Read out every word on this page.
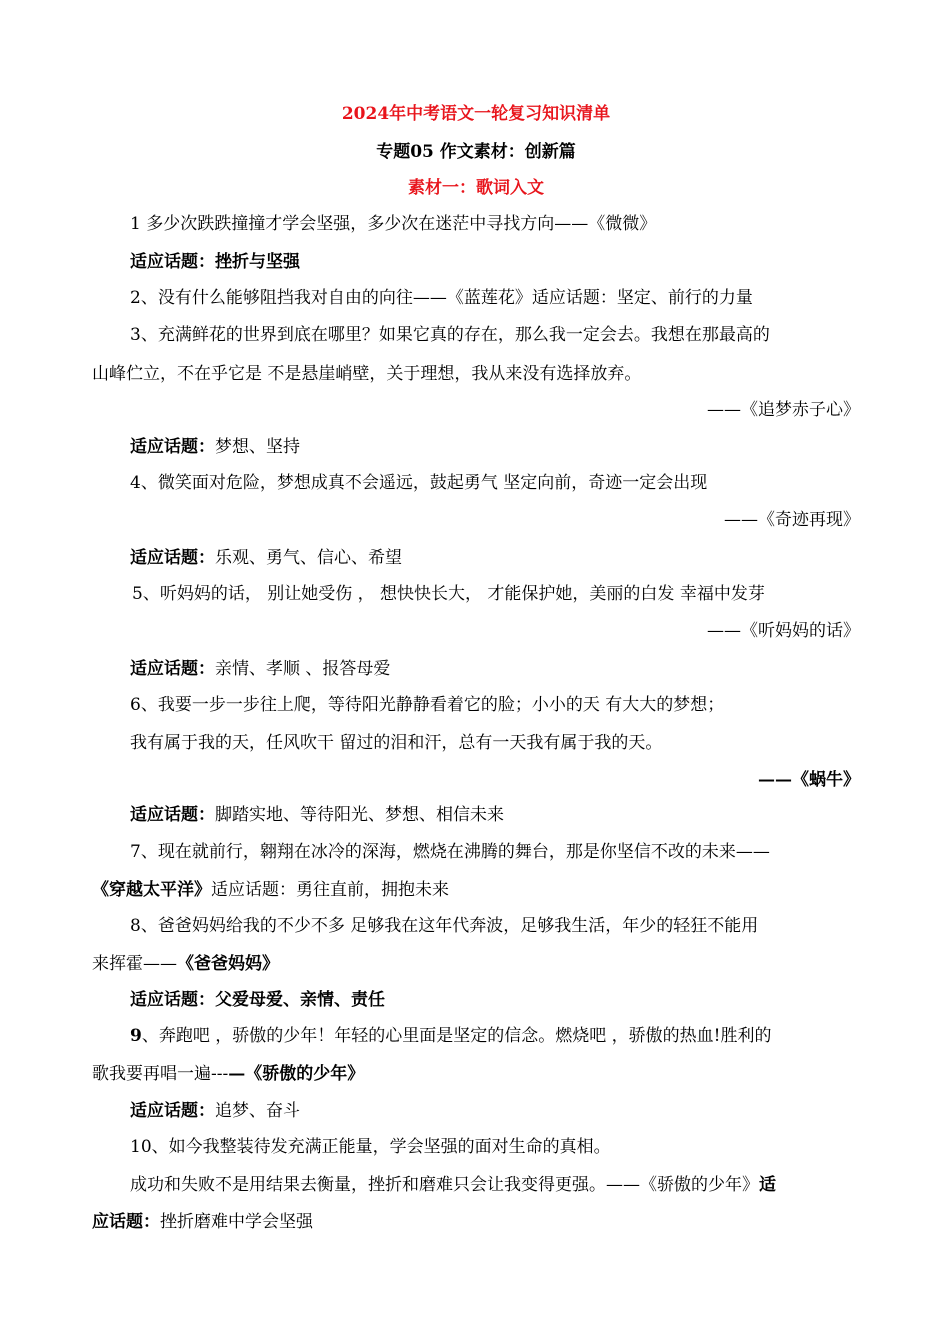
2024年中考语文一轮复习知识清单
专题05 作文素材：创新篇
素材一：歌词入文
1 多少次跌跌撞撞才学会坚强，多少次在迷茫中寻找方向——《微微》
适应话题：挫折与坚强
2、没有什么能够阻挡我对自由的向往——《蓝莲花》适应话题：坚定、前行的力量
3、充满鲜花的世界到底在哪里？如果它真的存在，那么我一定会去。我想在那最高的
山峰伫立，不在乎它是 不是悬崖峭壁，关于理想，我从来没有选择放弃。
——《追梦赤子心》
适应话题：梦想、坚持
4、微笑面对危险，梦想成真不会遥远，鼓起勇气 坚定向前，奇迹一定会出现
——《奇迹再现》
适应话题：乐观、勇气、信心、希望
5、听妈妈的话， 别让她受伤 ， 想快快长大， 才能保护她，美丽的白发 幸福中发芽
——《听妈妈的话》
适应话题：亲情、孝顺 、报答母爱
6、我要一步一步往上爬，等待阳光静静看着它的脸；小小的天 有大大的梦想；
我有属于我的天，任风吹干 留过的泪和汗，总有一天我有属于我的天。
——《蜗牛》
适应话题：脚踏实地、等待阳光、梦想、相信未来
7、现在就前行，翱翔在冰冷的深海，燃烧在沸腾的舞台，那是你坚信不改的未来——
《穿越太平洋》适应话题：勇往直前，拥抱未来
8、爸爸妈妈给我的不少不多 足够我在这年代奔波，足够我生活，年少的轻狂不能用
来挥霍——《爸爸妈妈》
适应话题：父爱母爱、亲情、责任
9、奔跑吧 ，骄傲的少年！年轻的心里面是坚定的信念。燃烧吧 ，骄傲的热血!胜利的
歌我要再唱一遍---—《骄傲的少年》
适应话题：追梦、奋斗
10、如今我整装待发充满正能量，学会坚强的面对生命的真相。
成功和失败不是用结果去衡量，挫折和磨难只会让我变得更强。——《骄傲的少年》适
应话题：挫折磨难中学会坚强
